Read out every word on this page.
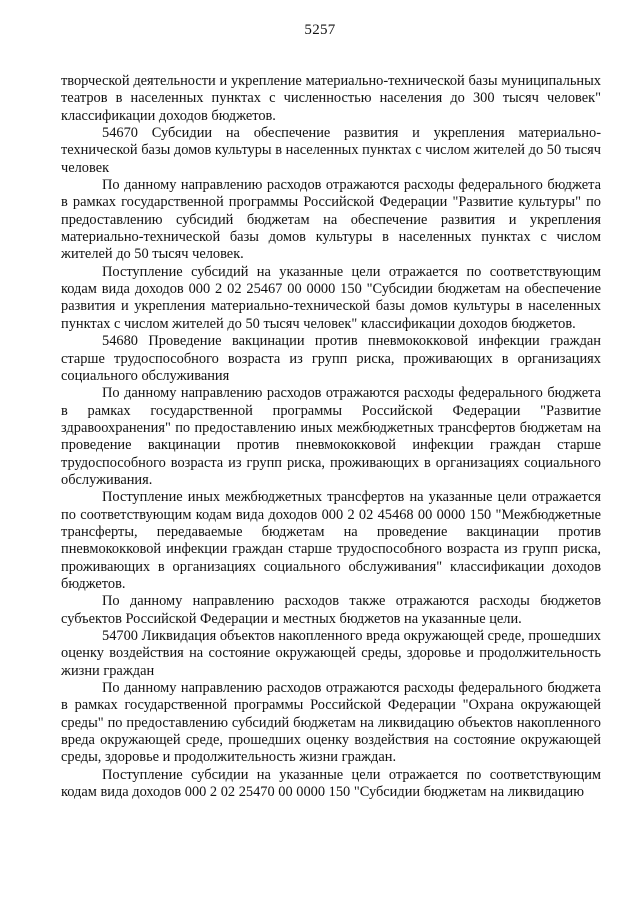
5257

творческой деятельности и укрепление материально-технической базы муниципальных театров в населенных пунктах с численностью населения до 300 тысяч человек" классификации доходов бюджетов.

54670 Субсидии на обеспечение развития и укрепления материально-технической базы домов культуры в населенных пунктах с числом жителей до 50 тысяч человек

По данному направлению расходов отражаются расходы федерального бюджета в рамках государственной программы Российской Федерации "Развитие культуры" по предоставлению субсидий бюджетам на обеспечение развития и укрепления материально-технической базы домов культуры в населенных пунктах с числом жителей до 50 тысяч человек.

Поступление субсидий на указанные цели отражается по соответствующим кодам вида доходов 000 2 02 25467 00 0000 150 "Субсидии бюджетам на обеспечение развития и укрепления материально-технической базы домов культуры в населенных пунктах с числом жителей до 50 тысяч человек" классификации доходов бюджетов.

54680 Проведение вакцинации против пневмококковой инфекции граждан старше трудоспособного возраста из групп риска, проживающих в организациях социального обслуживания

По данному направлению расходов отражаются расходы федерального бюджета в рамках государственной программы Российской Федерации "Развитие здравоохранения" по предоставлению иных межбюджетных трансфертов бюджетам на проведение вакцинации против пневмококковой инфекции граждан старше трудоспособного возраста из групп риска, проживающих в организациях социального обслуживания.

Поступление иных межбюджетных трансфертов на указанные цели отражается по соответствующим кодам вида доходов 000 2 02 45468 00 0000 150 "Межбюджетные трансферты, передаваемые бюджетам на проведение вакцинации против пневмококковой инфекции граждан старше трудоспособного возраста из групп риска, проживающих в организациях социального обслуживания" классификации доходов бюджетов.

По данному направлению расходов также отражаются расходы бюджетов субъектов Российской Федерации и местных бюджетов на указанные цели.

54700 Ликвидация объектов накопленного вреда окружающей среде, прошедших оценку воздействия на состояние окружающей среды, здоровье и продолжительность жизни граждан

По данному направлению расходов отражаются расходы федерального бюджета в рамках государственной программы Российской Федерации "Охрана окружающей среды" по предоставлению субсидий бюджетам на ликвидацию объектов накопленного вреда окружающей среде, прошедших оценку воздействия на состояние окружающей среды, здоровье и продолжительность жизни граждан.

Поступление субсидии на указанные цели отражается по соответствующим кодам вида доходов 000 2 02 25470 00 0000 150 "Субсидии бюджетам на ликвидацию
